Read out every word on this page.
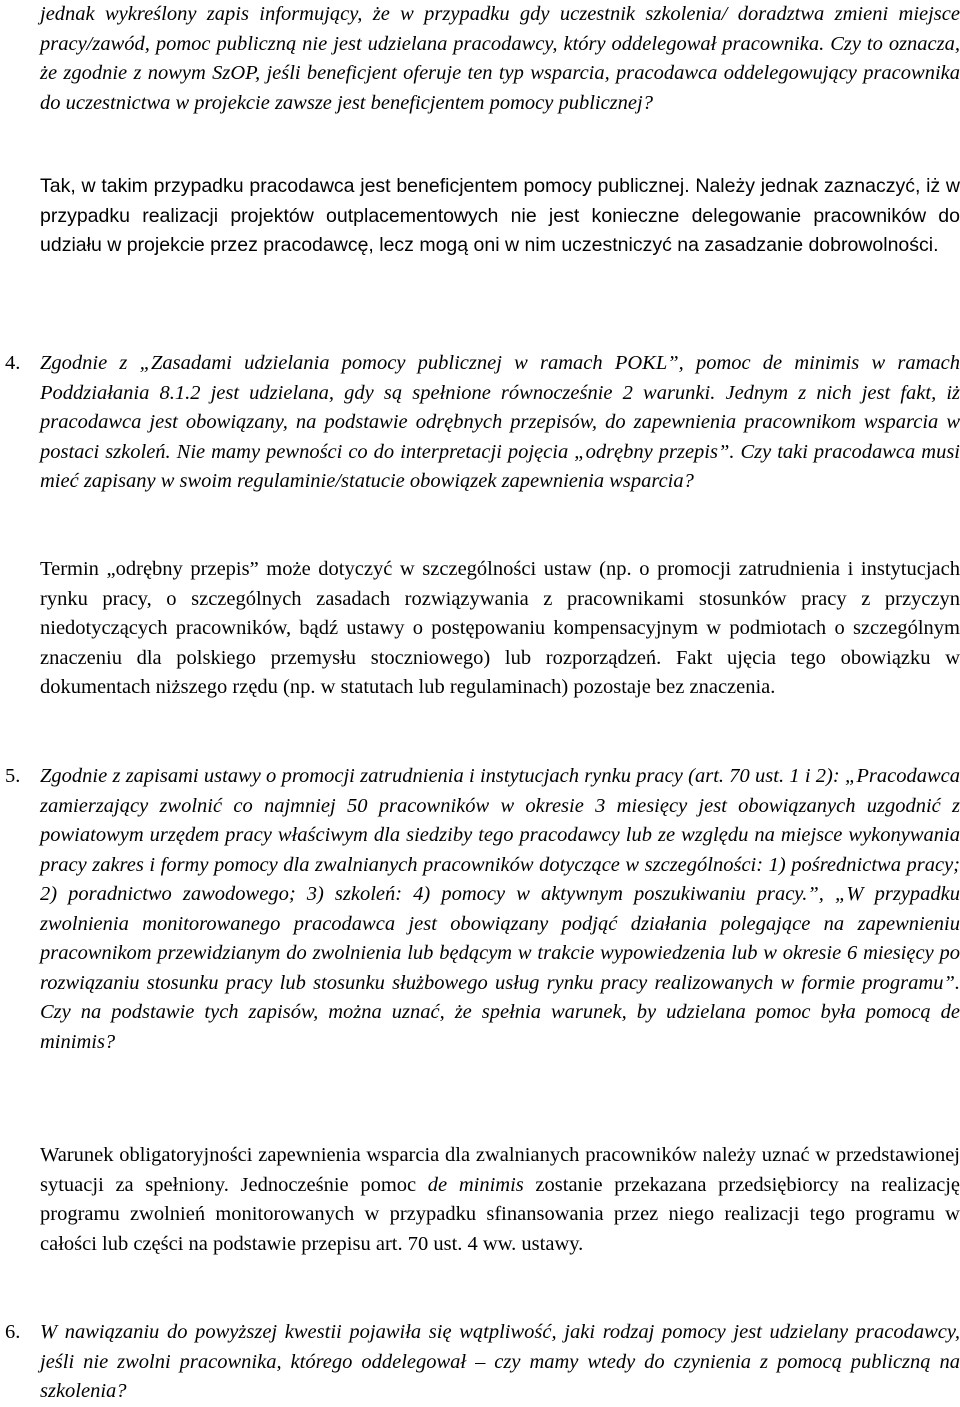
jednak wykreślony zapis informujący, że w przypadku gdy uczestnik szkolenia/ doradztwa zmieni miejsce pracy/zawód, pomoc publiczną nie jest udzielana pracodawcy, który oddelegował pracownika. Czy to oznacza, że zgodnie z nowym SzOP, jeśli beneficjent oferuje ten typ wsparcia, pracodawca oddelegowujący pracownika do uczestnictwa w projekcie zawsze jest beneficjentem pomocy publicznej?

Tak, w takim przypadku pracodawca jest beneficjentem pomocy publicznej. Należy jednak zaznaczyć, iż w przypadku realizacji projektów outplacementowych nie jest konieczne delegowanie pracowników do udziału w projekcie przez pracodawcę, lecz mogą oni w nim uczestniczyć na zasadzanie dobrowolności.

4. Zgodnie z „Zasadami udzielania pomocy publicznej w ramach POKL”, pomoc de minimis w ramach Poddziałania 8.1.2 jest udzielana, gdy są spełnione równocześnie 2 warunki. Jednym z nich jest fakt, iż pracodawca jest obowiązany, na podstawie odrębnych przepisów, do zapewnienia pracownikom wsparcia w postaci szkoleń. Nie mamy pewności co do interpretacji pojęcia „odrębny przepis”. Czy taki pracodawca musi mieć zapisany w swoim regulaminie/statucie obowiązek zapewnienia wsparcia?

Termin „odrębny przepis” może dotyczyć w szczególności ustaw (np. o promocji zatrudnienia i instytucjach rynku pracy, o szczególnych zasadach rozwiązywania z pracownikami stosunków pracy z przyczyn niedotyczących pracowników, bądź ustawy o postępowaniu kompensacyjnym w podmiotach o szczególnym znaczeniu dla polskiego przemysłu stoczniowego) lub rozporządzeń. Fakt ujęcia tego obowiązku w dokumentach niższego rzędu (np. w statutach lub regulaminach) pozostaje bez znaczenia.

5. Zgodnie z zapisami ustawy o promocji zatrudnienia i instytucjach rynku pracy (art. 70 ust. 1 i 2): „Pracodawca zamierzający zwolnić co najmniej 50 pracowników w okresie 3 miesięcy jest obowiązanych uzgodnić z powiatowym urzędem pracy właściwym dla siedziby tego pracodawcy lub ze względu na miejsce wykonywania pracy zakres i formy pomocy dla zwalnianych pracowników dotyczące w szczególności: 1) pośrednictwa pracy; 2) poradnictwo zawodowego; 3) szkoleń: 4) pomocy w aktywnym poszukiwaniu pracy.”, „W przypadku zwolnienia monitorowanego pracodawca jest obowiązany podjąć działania polegające na zapewnieniu pracownikom przewidzianym do zwolnienia lub będącym w trakcie wypowiedzenia lub w okresie 6 miesięcy po rozwiązaniu stosunku pracy lub stosunku służbowego usług rynku pracy realizowanych w formie programu”. Czy na podstawie tych zapisów, można uznać, że spełnia warunek, by udzielana pomoc była pomocą de minimis?

Warunek obligatoryjności zapewnienia wsparcia dla zwalnianych pracowników należy uznać w przedstawionej sytuacji za spełniony. Jednocześnie pomoc de minimis zostanie przekazana przedsiębiorcy na realizację programu zwolnień monitorowanych w przypadku sfinansowania przez niego realizacji tego programu w całości lub części na podstawie przepisu art. 70 ust. 4 ww. ustawy.

6. W nawiązaniu do powyższej kwestii pojawiła się wątpliwość, jaki rodzaj pomocy jest udzielany pracodawcy, jeśli nie zwolni pracownika, którego oddelegował – czy mamy wtedy do czynienia z pomocą publiczną na szkolenia?
